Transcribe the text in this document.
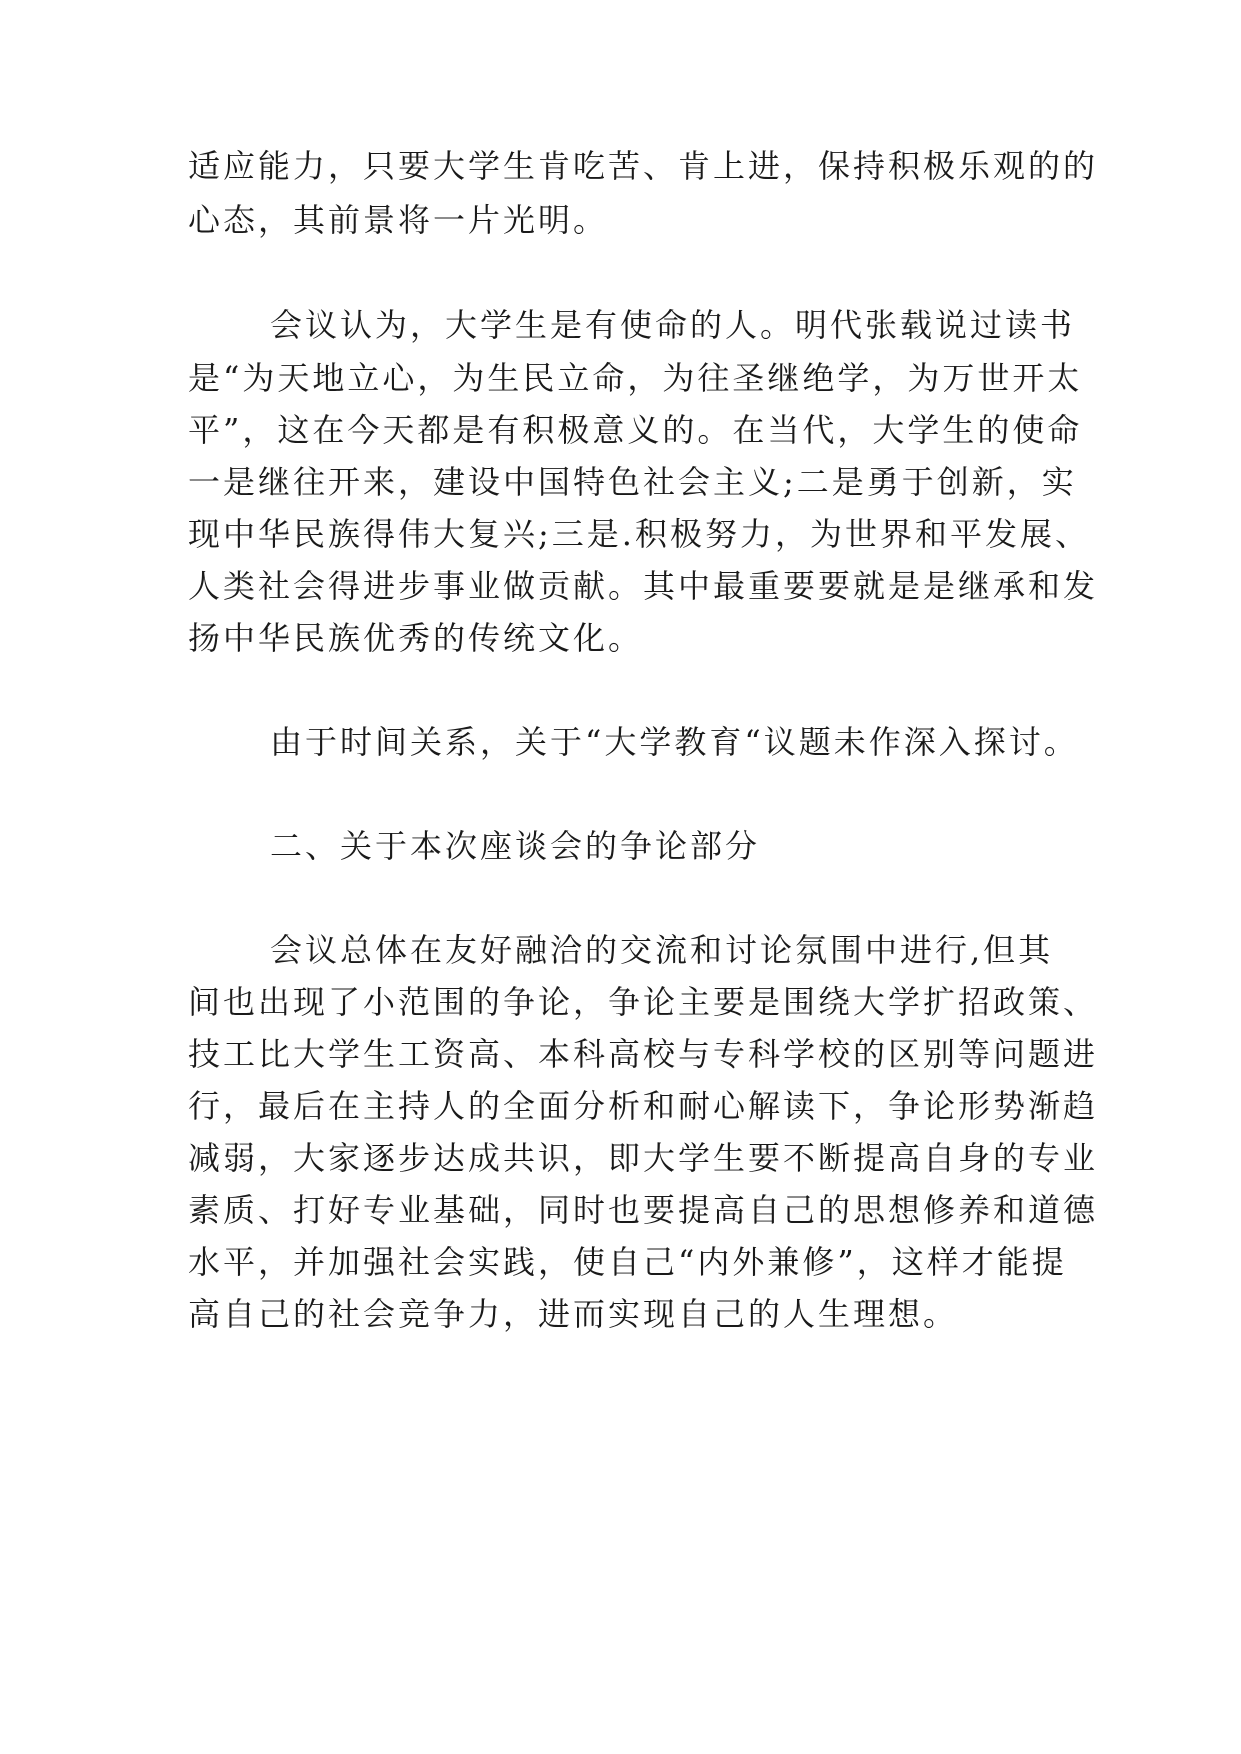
适应能力，只要大学生肯吃苦、肯上进，保持积极乐观的的
心态，其前景将一片光明。
会议认为，大学生是有使命的人。明代张载说过读书
是“为天地立心，为生民立命，为往圣继绝学，为万世开太
平”，这在今天都是有积极意义的。在当代，大学生的使命
一是继往开来，建设中国特色社会主义;二是勇于创新，实
现中华民族得伟大复兴;三是.积极努力，为世界和平发展、
人类社会得进步事业做贡献。其中最重要要就是是继承和发
扬中华民族优秀的传统文化。
由于时间关系，关于“大学教育“议题未作深入探讨。
二、关于本次座谈会的争论部分
会议总体在友好融洽的交流和讨论氛围中进行,但其
间也出现了小范围的争论，争论主要是围绕大学扩招政策、
技工比大学生工资高、本科高校与专科学校的区别等问题进
行，最后在主持人的全面分析和耐心解读下，争论形势渐趋
减弱，大家逐步达成共识，即大学生要不断提高自身的专业
素质、打好专业基础，同时也要提高自己的思想修养和道德
水平，并加强社会实践，使自己“内外兼修”，这样才能提
高自己的社会竞争力，进而实现自己的人生理想。
